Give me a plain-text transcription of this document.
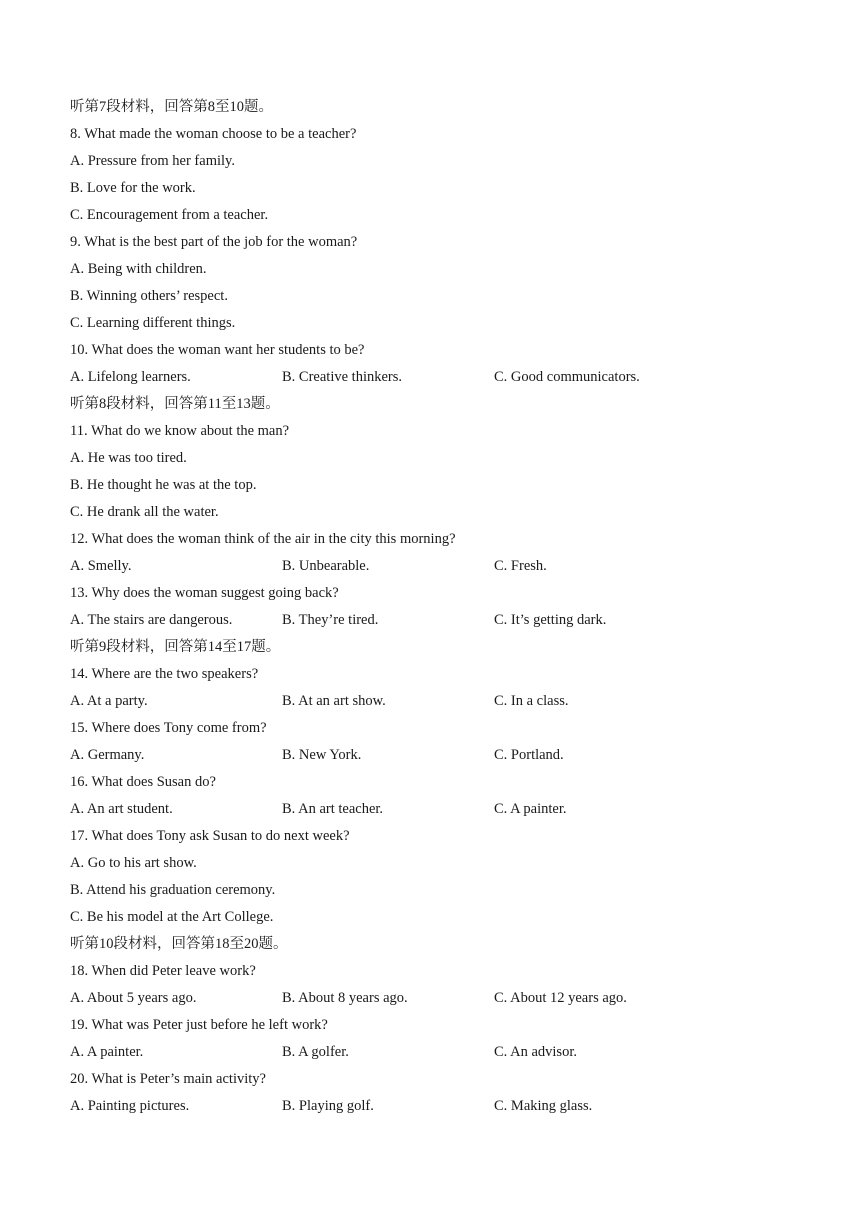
听第7段材料，回答第8至10题。
8. What made the woman choose to be a teacher?
A. Pressure from her family.
B. Love for the work.
C. Encouragement from a teacher.
9. What is the best part of the job for the woman?
A. Being with children.
B. Winning others’ respect.
C. Learning different things.
10. What does the woman want her students to be?
A. Lifelong learners.	B. Creative thinkers.	C. Good communicators.
听第8段材料，回答第11至13题。
11. What do we know about the man?
A. He was too tired.
B. He thought he was at the top.
C. He drank all the water.
12. What does the woman think of the air in the city this morning?
A. Smelly.	B. Unbearable.	C. Fresh.
13. Why does the woman suggest going back?
A. The stairs are dangerous.	B. They’re tired.	C. It’s getting dark.
听第9段材料，回答第14至17题。
14. Where are the two speakers?
A. At a party.	B. At an art show.	C. In a class.
15. Where does Tony come from?
A. Germany.	B. New York.	C. Portland.
16. What does Susan do?
A. An art student.	B. An art teacher.	C. A painter.
17. What does Tony ask Susan to do next week?
A. Go to his art show.
B. Attend his graduation ceremony.
C. Be his model at the Art College.
听第10段材料，回答第18至20题。
18. When did Peter leave work?
A. About 5 years ago.	B. About 8 years ago.	C. About 12 years ago.
19. What was Peter just before he left work?
A. A painter.	B. A golfer.	C. An advisor.
20. What is Peter’s main activity?
A. Painting pictures.	B. Playing golf.	C. Making glass.
